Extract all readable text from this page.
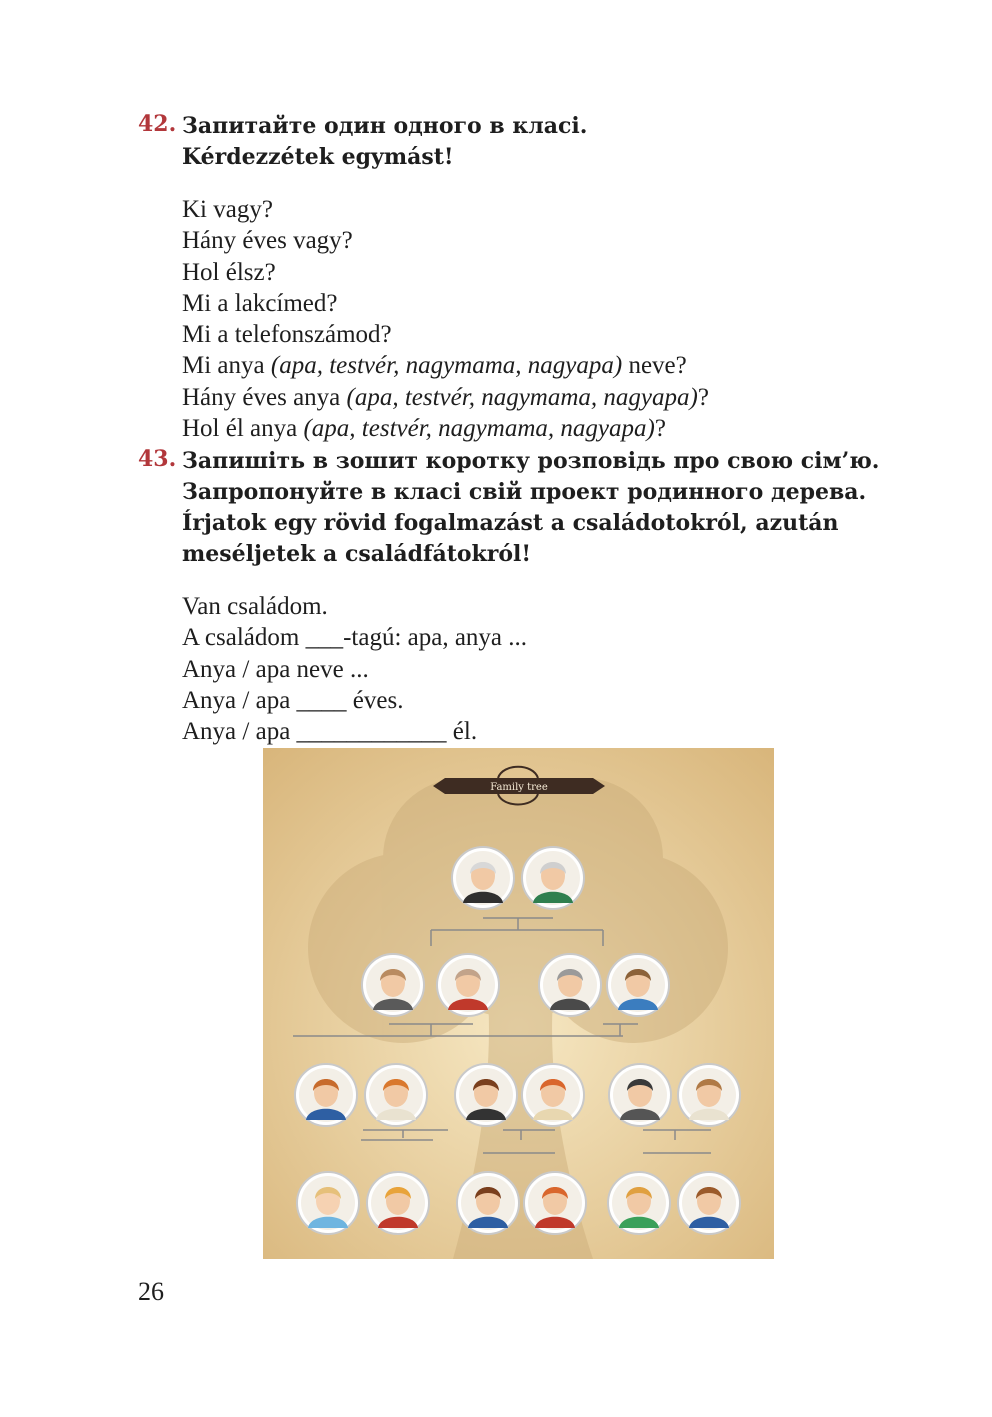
42. Запитайте один одного в класі.
Kérdezzétek egymást!
Ki vagy?
Hány éves vagy?
Hol élsz?
Mi a lakcímed?
Mi a telefonszámod?
Mi anya (apa, testvér, nagymama, nagyapa) neve?
Hány éves anya (apa, testvér, nagymama, nagyapa)?
Hol él anya (apa, testvér, nagymama, nagyapa)?
43. Запишіть в зошит коротку розповідь про свою сім’ю.
Запропонуйте в класі свій проект родинного дерева.
Írjatok egy rövid fogalmazást a családotokról, azután
meséljetek a családfátokról!
Van családom.
A családom ___-tagú: apa, anya ...
Anya / apa neve ...
Anya / apa ____ éves.
Anya / apa ____________ él.
Family tree
26
